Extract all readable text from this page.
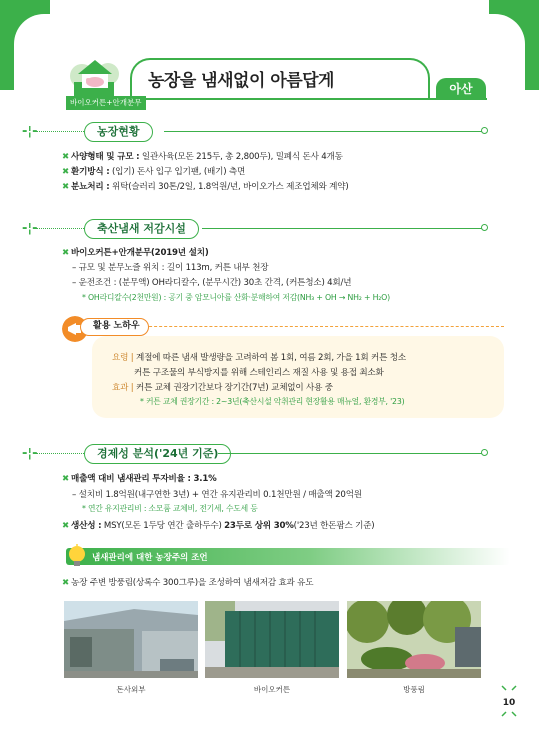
농장을 냄새없이 아름답게	아산
바이오커튼+안개분무
-¦-	농장현황
✖ 사양형태 및 규모 : 일관사육(모돈 215두, 총 2,800두), 밀폐식 돈사 4개동
✖ 환기방식 : (입기) 돈사 입구 입기팬, (배기) 측면
✖ 분뇨처리 : 위탁(슬러리 30톤/2일, 1.8억원/년, 바이오가스 제조업체와 계약)
-¦-	축산냄새 저감시설
✖ 바이오커튼+안개분무(2019년 설치)
– 규모 및 분무노즐 위치 : 길이 113m, 커튼 내부 천장
– 운전조건 : (분무액) OH라디칼수, (분무시간) 30초 간격, (커튼청소) 4회/년
* OH라디칼수(2천만원) : 공기 중 암모니아를 산화·분해하여 저감(NH₃ + OH → NH₂ + H₂O)
활용 노하우
요령 | 계절에 따른 냄새 발생량을 고려하여 봄 1회, 여름 2회, 가을 1회 커튼 청소
커튼 구조물의 부식방지를 위해 스테인리스 재질 사용 및 용접 최소화
효과 | 커튼 교체 권장기간보다 장기간(7년) 교체없이 사용 중
* 커튼 교체 권장기간 : 2~3년(축산시설 악취관리 현장활용 매뉴얼, 환경부, '23)
-¦-	경제성 분석('24년 기준)
✖ 매출액 대비 냄새관리 투자비율 : 3.1%
– 설치비 1.8억원(내구연한 3년) + 연간 유지관리비 0.1천만원 / 매출액 20억원
* 연간 유지관리비 : 소모품 교체비, 전기세, 수도세 등
✖ 생산성 : MSY(모돈 1두당 연간 출하두수) 23두로 상위 30%('23년 한돈팜스 기준)
냄새관리에 대한 농장주의 조언
✖ 농장 주변 방풍림(상록수 300그루)을 조성하여 냄새저감 효과 유도
돈사외부	바이오커튼	방풍림
10
